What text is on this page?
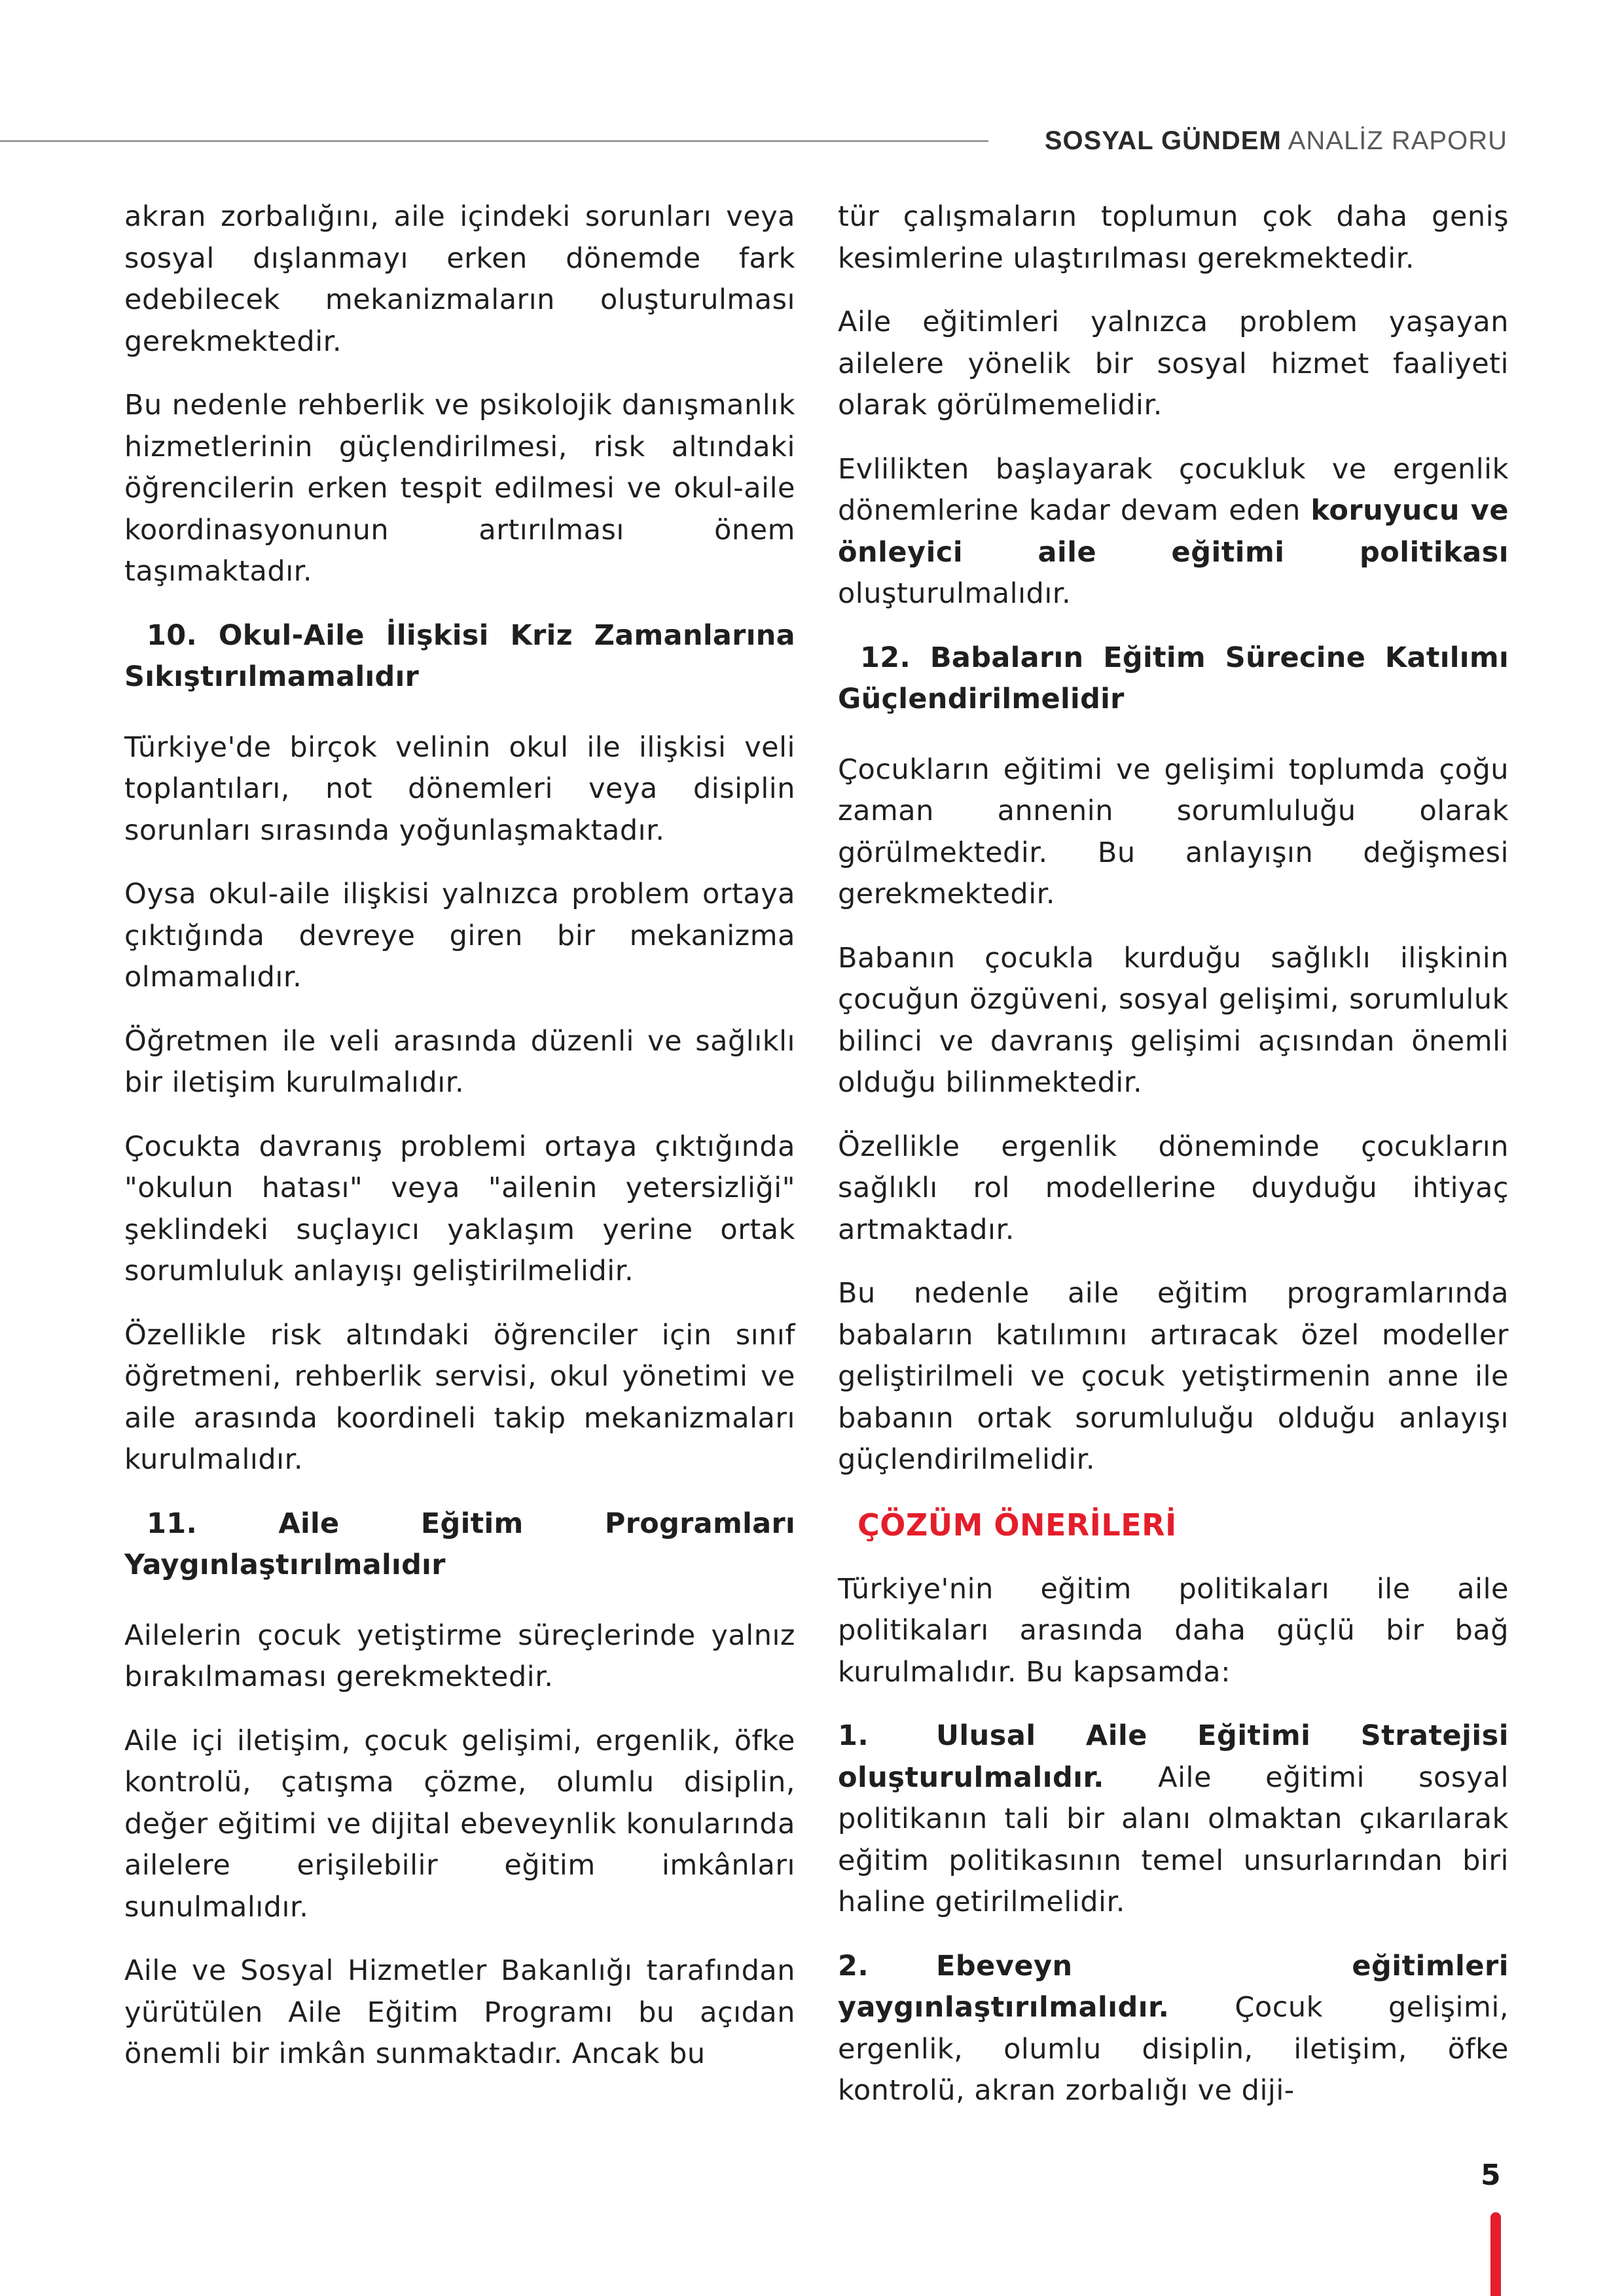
SOSYAL GÜNDEM ANALİZ RAPORU

akran zorbalığını, aile içindeki sorunları veya sosyal dışlanmayı erken dönemde fark edebilecek mekanizmaların oluşturulması gerekmektedir.

Bu nedenle rehberlik ve psikolojik danışmanlık hizmetlerinin güçlendirilmesi, risk altındaki öğrencilerin erken tespit edilmesi ve okul-aile koordinasyonunun artırılması önem taşımaktadır.

10. Okul-Aile İlişkisi Kriz Zamanlarına Sıkıştırılmamalıdır

Türkiye'de birçok velinin okul ile ilişkisi veli toplantıları, not dönemleri veya disiplin sorunları sırasında yoğunlaşmaktadır.

Oysa okul-aile ilişkisi yalnızca problem ortaya çıktığında devreye giren bir mekanizma olmamalıdır.

Öğretmen ile veli arasında düzenli ve sağlıklı bir iletişim kurulmalıdır.

Çocukta davranış problemi ortaya çıktığında "okulun hatası" veya "ailenin yetersizliği" şeklindeki suçlayıcı yaklaşım yerine ortak sorumluluk anlayışı geliştirilmelidir.

Özellikle risk altındaki öğrenciler için sınıf öğretmeni, rehberlik servisi, okul yönetimi ve aile arasında koordineli takip mekanizmaları kurulmalıdır.

11. Aile Eğitim Programları Yaygınlaştırılmalıdır

Ailelerin çocuk yetiştirme süreçlerinde yalnız bırakılmaması gerekmektedir.

Aile içi iletişim, çocuk gelişimi, ergenlik, öfke kontrolü, çatışma çözme, olumlu disiplin, değer eğitimi ve dijital ebeveynlik konularında ailelere erişilebilir eğitim imkânları sunulmalıdır.

Aile ve Sosyal Hizmetler Bakanlığı tarafından yürütülen Aile Eğitim Programı bu açıdan önemli bir imkân sunmaktadır. Ancak bu

tür çalışmaların toplumun çok daha geniş kesimlerine ulaştırılması gerekmektedir.

Aile eğitimleri yalnızca problem yaşayan ailelere yönelik bir sosyal hizmet faaliyeti olarak görülmemelidir.

Evlilikten başlayarak çocukluk ve ergenlik dönemlerine kadar devam eden koruyucu ve önleyici aile eğitimi politikası oluşturulmalıdır.

12. Babaların Eğitim Sürecine Katılımı Güçlendirilmelidir

Çocukların eğitimi ve gelişimi toplumda çoğu zaman annenin sorumluluğu olarak görülmektedir. Bu anlayışın değişmesi gerekmektedir.

Babanın çocukla kurduğu sağlıklı ilişkinin çocuğun özgüveni, sosyal gelişimi, sorumluluk bilinci ve davranış gelişimi açısından önemli olduğu bilinmektedir.

Özellikle ergenlik döneminde çocukların sağlıklı rol modellerine duyduğu ihtiyaç artmaktadır.

Bu nedenle aile eğitim programlarında babaların katılımını artıracak özel modeller geliştirilmeli ve çocuk yetiştirmenin anne ile babanın ortak sorumluluğu olduğu anlayışı güçlendirilmelidir.

ÇÖZÜM ÖNERİLERİ

Türkiye'nin eğitim politikaları ile aile politikaları arasında daha güçlü bir bağ kurulmalıdır. Bu kapsamda:

1. Ulusal Aile Eğitimi Stratejisi oluşturulmalıdır. Aile eğitimi sosyal politikanın tali bir alanı olmaktan çıkarılarak eğitim politikasının temel unsurlarından biri haline getirilmelidir.

2. Ebeveyn eğitimleri yaygınlaştırılmalıdır. Çocuk gelişimi, ergenlik, olumlu disiplin, iletişim, öfke kontrolü, akran zorbalığı ve diji-

5
